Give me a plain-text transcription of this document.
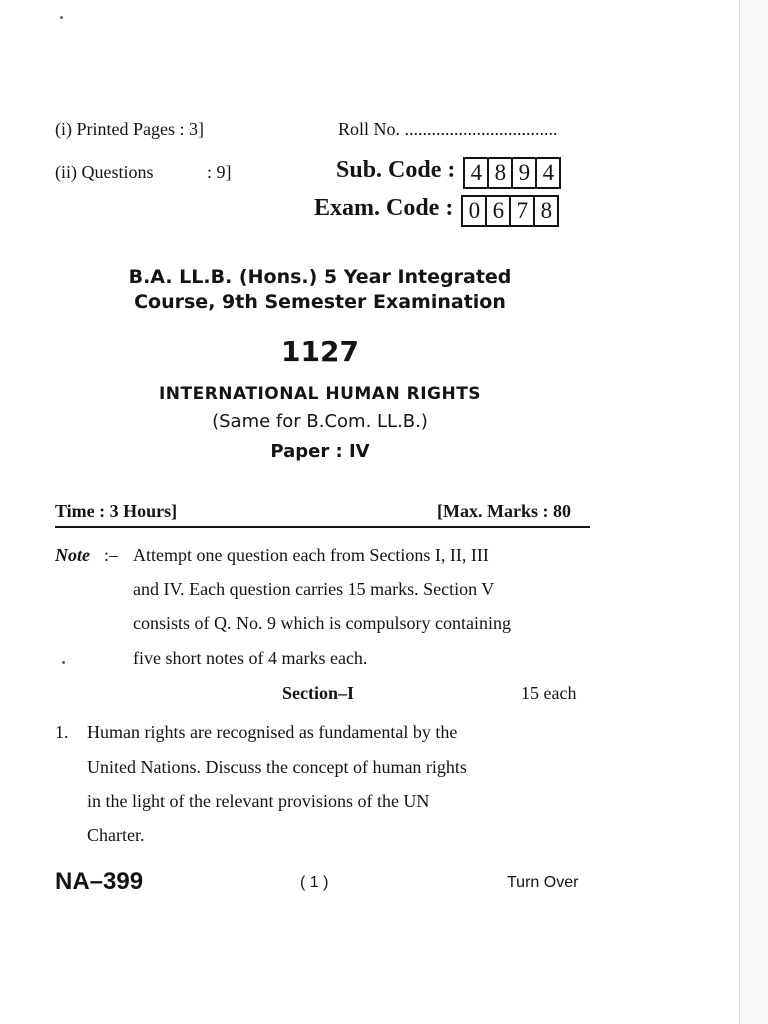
(i) Printed Pages : 3]
(ii) Questions	: 9]
Roll No. ..................................
Sub. Code : 4 8 9 4
Exam. Code : 0 6 7 8
B.A. LL.B. (Hons.) 5 Year Integrated
Course, 9th Semester Examination
1127
INTERNATIONAL HUMAN RIGHTS
(Same for B.Com. LL.B.)
Paper : IV
Time : 3 Hours]	[Max. Marks : 80
Note :– Attempt one question each from Sections I, II, III
and IV. Each question carries 15 marks. Section V
consists of Q. No. 9 which is compulsory containing
five short notes of 4 marks each.
Section–I	15 each
1. Human rights are recognised as fundamental by the
United Nations. Discuss the concept of human rights
in the light of the relevant provisions of the UN
Charter.
NA–399	( 1 )	Turn Over
